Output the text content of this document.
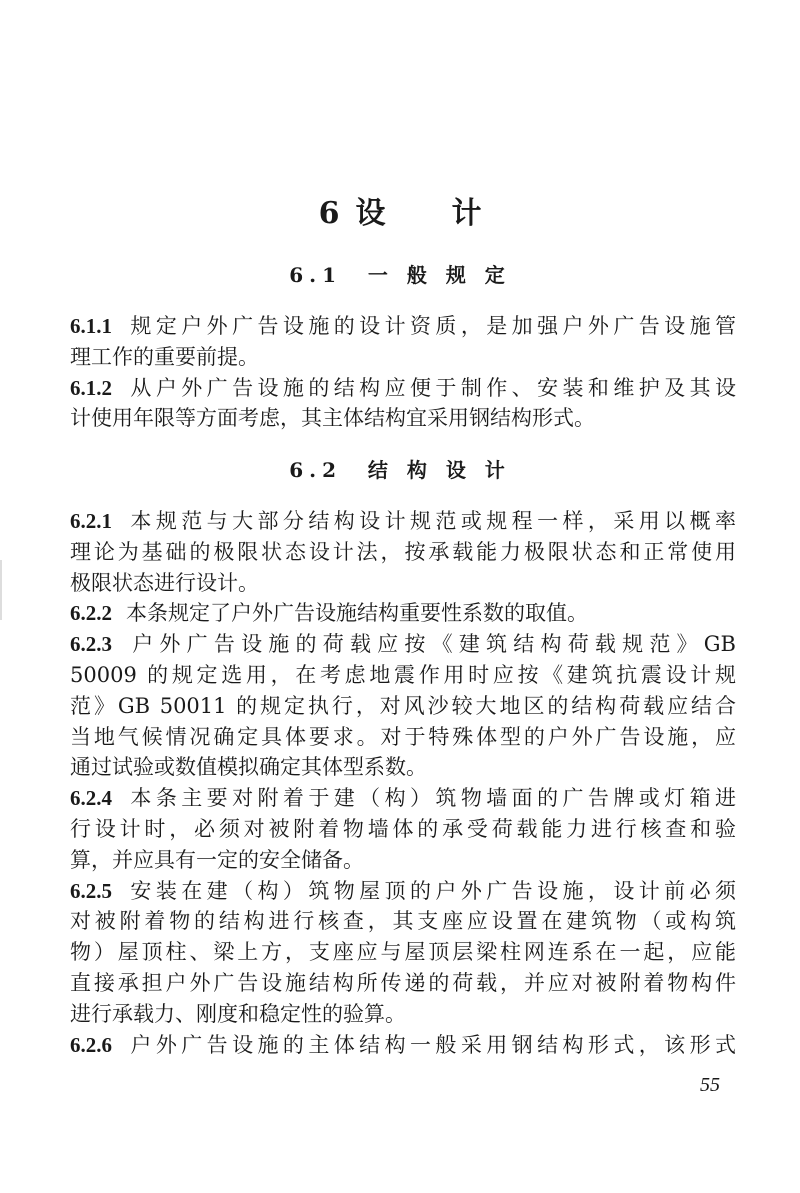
6 设 计
6.1 一 般 规 定
6.1.1 规定户外广告设施的设计资质，是加强户外广告设施管
理工作的重要前提。
6.1.2 从户外广告设施的结构应便于制作、安装和维护及其设
计使用年限等方面考虑，其主体结构宜采用钢结构形式。
6.2 结 构 设 计
6.2.1 本规范与大部分结构设计规范或规程一样，采用以概率
理论为基础的极限状态设计法，按承载能力极限状态和正常使用
极限状态进行设计。
6.2.2 本条规定了户外广告设施结构重要性系数的取值。
6.2.3 户外广告设施的荷载应按《建筑结构荷载规范》GB
50009 的规定选用，在考虑地震作用时应按《建筑抗震设计规
范》GB 50011 的规定执行，对风沙较大地区的结构荷载应结合
当地气候情况确定具体要求。对于特殊体型的户外广告设施，应
通过试验或数值模拟确定其体型系数。
6.2.4 本条主要对附着于建（构）筑物墙面的广告牌或灯箱进
行设计时，必须对被附着物墙体的承受荷载能力进行核查和验
算，并应具有一定的安全储备。
6.2.5 安装在建（构）筑物屋顶的户外广告设施，设计前必须
对被附着物的结构进行核查，其支座应设置在建筑物（或构筑
物）屋顶柱、梁上方，支座应与屋顶层梁柱网连系在一起，应能
直接承担户外广告设施结构所传递的荷载，并应对被附着物构件
进行承载力、刚度和稳定性的验算。
6.2.6 户外广告设施的主体结构一般采用钢结构形式，该形式
55
